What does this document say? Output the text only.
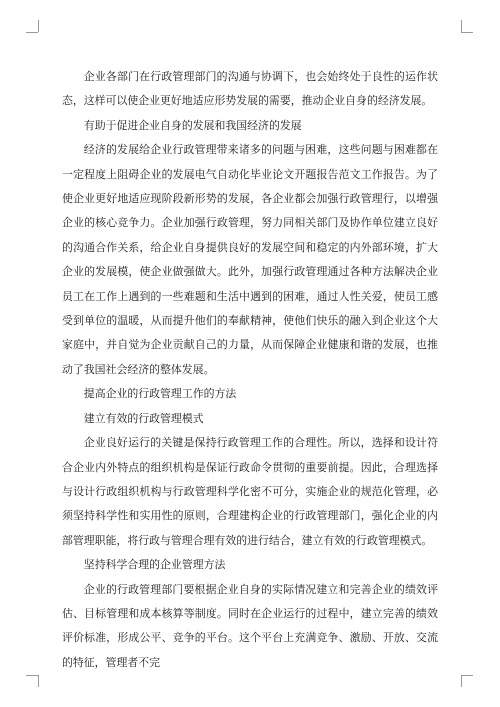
企业各部门在行政管理部门的沟通与协调下，也会始终处于良性的运作状态，这样可以使企业更好地适应形势发展的需要，推动企业自身的经济发展。

有助于促进企业自身的发展和我国经济的发展

经济的发展给企业行政管理带来诸多的问题与困难，这些问题与困难都在一定程度上阻碍企业的发展电气自动化毕业论文开题报告范文工作报告。为了使企业更好地适应现阶段新形势的发展，各企业都会加强行政管理行，以增强企业的核心竞争力。企业加强行政管理，努力同相关部门及协作单位建立良好的沟通合作关系，给企业自身提供良好的发展空间和稳定的内外部环境，扩大企业的发展模，使企业做强做大。此外，加强行政管理通过各种方法解决企业员工在工作上遇到的一些难题和生活中遇到的困难，通过人性关爱，使员工感受到单位的温暖，从而提升他们的奉献精神，使他们快乐的融入到企业这个大家庭中，并自觉为企业贡献自己的力量，从而保障企业健康和谐的发展，也推动了我国社会经济的整体发展。

提高企业的行政管理工作的方法

建立有效的行政管理模式

企业良好运行的关键是保持行政管理工作的合理性。所以，选择和设计符合企业内外特点的组织机构是保证行政命令贯彻的重要前提。因此，合理选择与设计行政组织机构与行政管理科学化密不可分，实施企业的规范化管理，必须坚持科学性和实用性的原则，合理建构企业的行政管理部门，强化企业的内部管理职能，将行政与管理合理有效的进行结合，建立有效的行政管理模式。

坚持科学合理的企业管理方法

企业的行政管理部门要根据企业自身的实际情况建立和完善企业的绩效评估、目标管理和成本核算等制度。同时在企业运行的过程中，建立完善的绩效评价标准，形成公平、竞争的平台。这个平台上充满竞争、激励、开放、交流的特征，管理者不完
